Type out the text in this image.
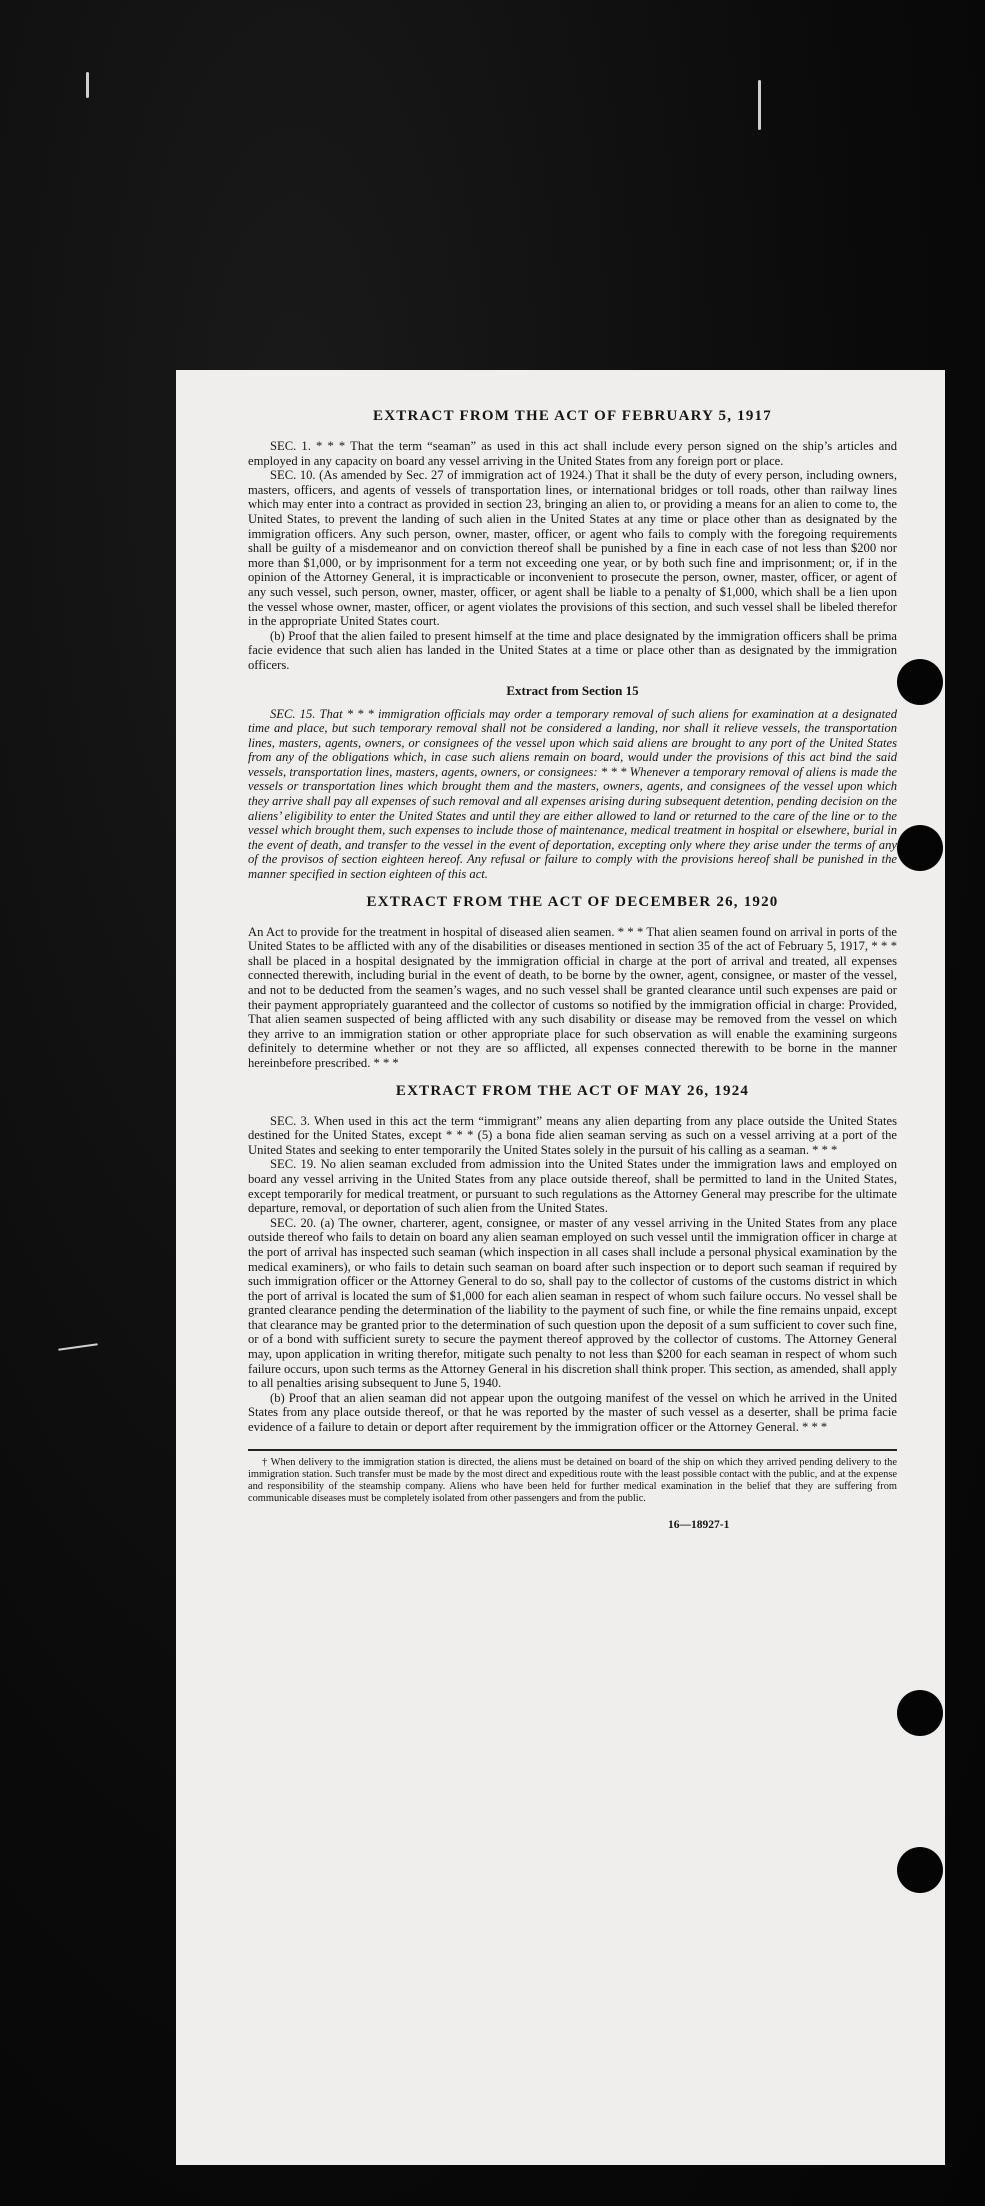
EXTRACT FROM THE ACT OF FEBRUARY 5, 1917

SEC. 1. * * * That the term “seaman” as used in this act shall include every person signed on the ship’s articles and employed in any capacity on board any vessel arriving in the United States from any foreign port or place.

SEC. 10. (As amended by Sec. 27 of immigration act of 1924.) That it shall be the duty of every person, including owners, masters, officers, and agents of vessels of transportation lines, or international bridges or toll roads, other than railway lines which may enter into a contract as provided in section 23, bringing an alien to, or providing a means for an alien to come to, the United States, to prevent the landing of such alien in the United States at any time or place other than as designated by the immigration officers. Any such person, owner, master, officer, or agent who fails to comply with the foregoing requirements shall be guilty of a misdemeanor and on conviction thereof shall be punished by a fine in each case of not less than $200 nor more than $1,000, or by imprisonment for a term not exceeding one year, or by both such fine and imprisonment; or, if in the opinion of the Attorney General, it is impracticable or inconvenient to prosecute the person, owner, master, officer, or agent of any such vessel, such person, owner, master, officer, or agent shall be liable to a penalty of $1,000, which shall be a lien upon the vessel whose owner, master, officer, or agent violates the provisions of this section, and such vessel shall be libeled therefor in the appropriate United States court.

(b) Proof that the alien failed to present himself at the time and place designated by the immigration officers shall be prima facie evidence that such alien has landed in the United States at a time or place other than as designated by the immigration officers.

Extract from Section 15

SEC. 15. That * * * immigration officials may order a temporary removal of such aliens for examination at a designated time and place, but such temporary removal shall not be considered a landing, nor shall it relieve vessels, the transportation lines, masters, agents, owners, or consignees of the vessel upon which said aliens are brought to any port of the United States from any of the obligations which, in case such aliens remain on board, would under the provisions of this act bind the said vessels, transportation lines, masters, agents, owners, or consignees: * * * Whenever a temporary removal of aliens is made the vessels or transportation lines which brought them and the masters, owners, agents, and consignees of the vessel upon which they arrive shall pay all expenses of such removal and all expenses arising during subsequent detention, pending decision on the aliens’ eligibility to enter the United States and until they are either allowed to land or returned to the care of the line or to the vessel which brought them, such expenses to include those of maintenance, medical treatment in hospital or elsewhere, burial in the event of death, and transfer to the vessel in the event of deportation, excepting only where they arise under the terms of any of the provisos of section eighteen hereof. Any refusal or failure to comply with the provisions hereof shall be punished in the manner specified in section eighteen of this act.

EXTRACT FROM THE ACT OF DECEMBER 26, 1920

An Act to provide for the treatment in hospital of diseased alien seamen. * * * That alien seamen found on arrival in ports of the United States to be afflicted with any of the disabilities or diseases mentioned in section 35 of the act of February 5, 1917, * * * shall be placed in a hospital designated by the immigration official in charge at the port of arrival and treated, all expenses connected therewith, including burial in the event of death, to be borne by the owner, agent, consignee, or master of the vessel, and not to be deducted from the seamen’s wages, and no such vessel shall be granted clearance until such expenses are paid or their payment appropriately guaranteed and the collector of customs so notified by the immigration official in charge: Provided, That alien seamen suspected of being afflicted with any such disability or disease may be removed from the vessel on which they arrive to an immigration station or other appropriate place for such observation as will enable the examining surgeons definitely to determine whether or not they are so afflicted, all expenses connected therewith to be borne in the manner hereinbefore prescribed. * * *

EXTRACT FROM THE ACT OF MAY 26, 1924

SEC. 3. When used in this act the term “immigrant” means any alien departing from any place outside the United States destined for the United States, except * * * (5) a bona fide alien seaman serving as such on a vessel arriving at a port of the United States and seeking to enter temporarily the United States solely in the pursuit of his calling as a seaman. * * *

SEC. 19. No alien seaman excluded from admission into the United States under the immigration laws and employed on board any vessel arriving in the United States from any place outside thereof, shall be permitted to land in the United States, except temporarily for medical treatment, or pursuant to such regulations as the Attorney General may prescribe for the ultimate departure, removal, or deportation of such alien from the United States.

SEC. 20. (a) The owner, charterer, agent, consignee, or master of any vessel arriving in the United States from any place outside thereof who fails to detain on board any alien seaman employed on such vessel until the immigration officer in charge at the port of arrival has inspected such seaman (which inspection in all cases shall include a personal physical examination by the medical examiners), or who fails to detain such seaman on board after such inspection or to deport such seaman if required by such immigration officer or the Attorney General to do so, shall pay to the collector of customs of the customs district in which the port of arrival is located the sum of $1,000 for each alien seaman in respect of whom such failure occurs. No vessel shall be granted clearance pending the determination of the liability to the payment of such fine, or while the fine remains unpaid, except that clearance may be granted prior to the determination of such question upon the deposit of a sum sufficient to cover such fine, or of a bond with sufficient surety to secure the payment thereof approved by the collector of customs. The Attorney General may, upon application in writing therefor, mitigate such penalty to not less than $200 for each seaman in respect of whom such failure occurs, upon such terms as the Attorney General in his discretion shall think proper. This section, as amended, shall apply to all penalties arising subsequent to June 5, 1940.

(b) Proof that an alien seaman did not appear upon the outgoing manifest of the vessel on which he arrived in the United States from any place outside thereof, or that he was reported by the master of such vessel as a deserter, shall be prima facie evidence of a failure to detain or deport after requirement by the immigration officer or the Attorney General. * * *

† When delivery to the immigration station is directed, the aliens must be detained on board of the ship on which they arrived pending delivery to the immigration station. Such transfer must be made by the most direct and expeditious route with the least possible contact with the public, and at the expense and responsibility of the steamship company. Aliens who have been held for further medical examination in the belief that they are suffering from communicable diseases must be completely isolated from other passengers and from the public.

16—18927-1
